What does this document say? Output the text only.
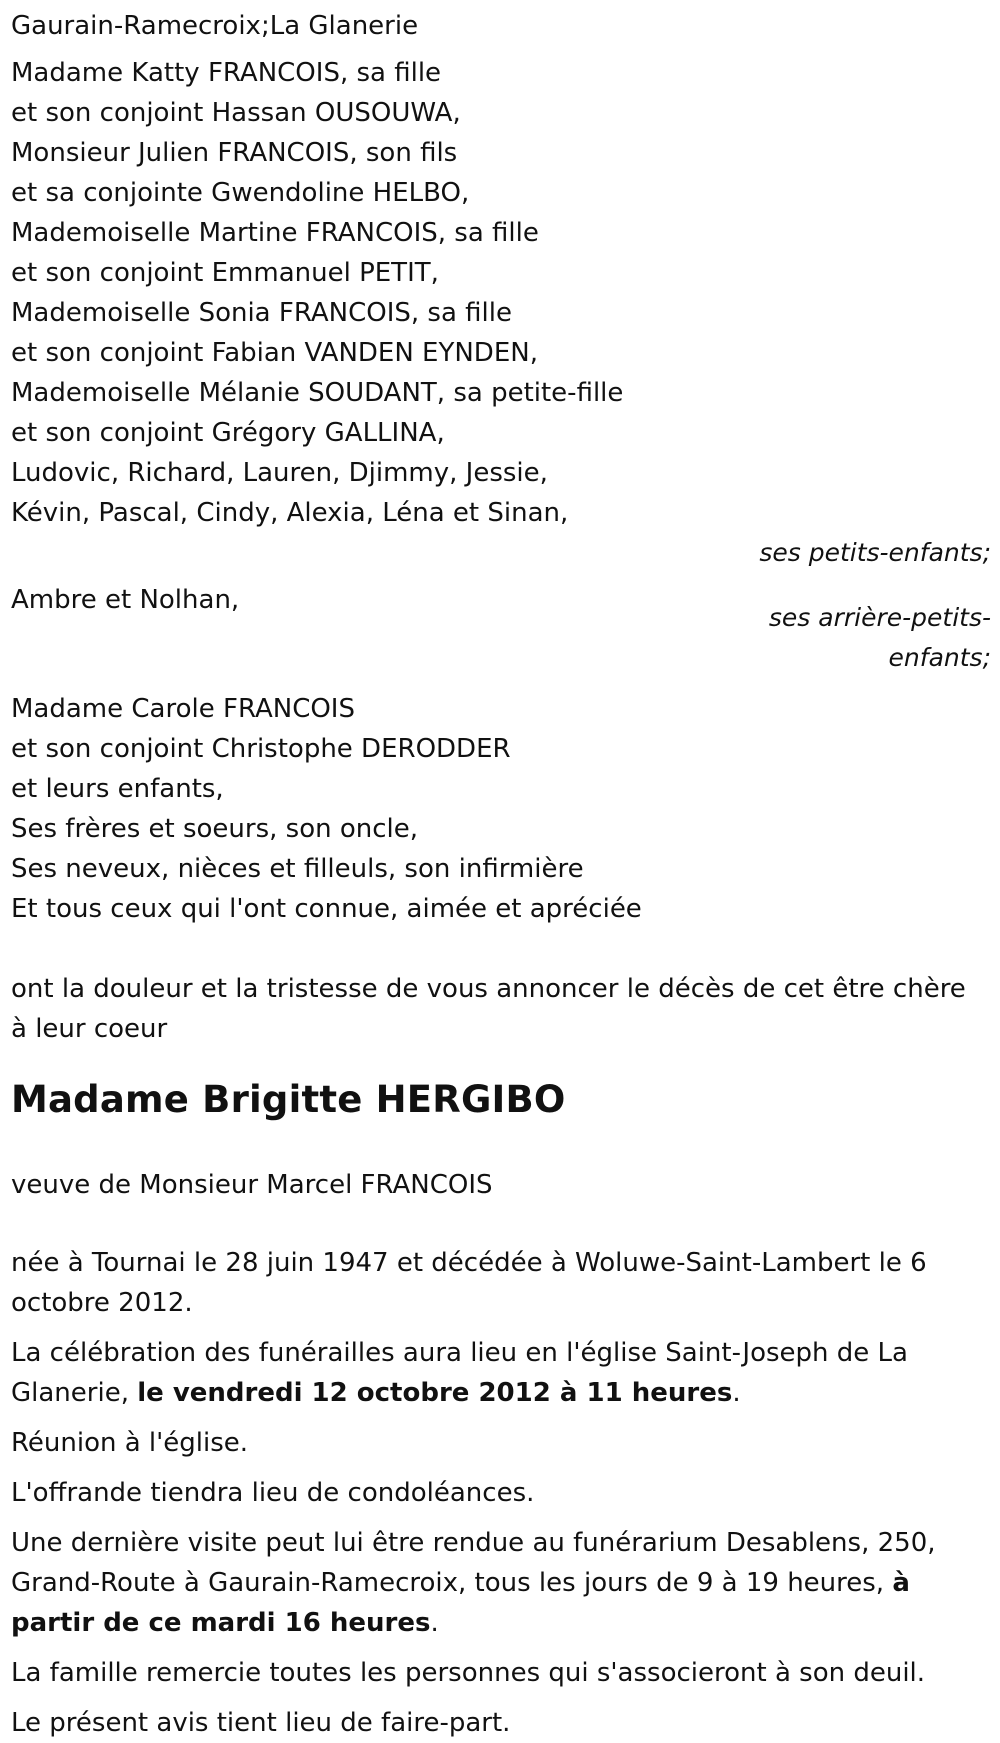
Gaurain-Ramecroix;La Glanerie
Madame Katty FRANCOIS, sa fille
et son conjoint Hassan OUSOUWA,
Monsieur Julien FRANCOIS, son fils
et sa conjointe Gwendoline HELBO,
Mademoiselle Martine FRANCOIS, sa fille
et son conjoint Emmanuel PETIT,
Mademoiselle Sonia FRANCOIS, sa fille
et son conjoint Fabian VANDEN EYNDEN,
Mademoiselle Mélanie SOUDANT, sa petite-fille
et son conjoint Grégory GALLINA,
Ludovic, Richard, Lauren, Djimmy, Jessie,
Kévin, Pascal, Cindy, Alexia, Léna et Sinan,
ses petits-enfants;
Ambre et Nolhan,
ses arrière-petits-
enfants;
Madame Carole FRANCOIS
et son conjoint Christophe DERODDER
et leurs enfants,
Ses frères et soeurs, son oncle,
Ses neveux, nièces et filleuls, son infirmière
Et tous ceux qui l'ont connue, aimée et apréciée
ont la douleur et la tristesse de vous annoncer le décès de cet être chère à leur coeur
Madame Brigitte HERGIBO
veuve de Monsieur Marcel FRANCOIS
née à Tournai le 28 juin 1947 et décédée à Woluwe-Saint-Lambert le 6 octobre 2012.
La célébration des funérailles aura lieu en l'église Saint-Joseph de La Glanerie, le vendredi 12 octobre 2012 à 11 heures.
Réunion à l'église.
L'offrande tiendra lieu de condoléances.
Une dernière visite peut lui être rendue au funérarium Desablens, 250, Grand-Route à Gaurain-Ramecroix, tous les jours de 9 à 19 heures, à partir de ce mardi 16 heures.
La famille remercie toutes les personnes qui s'associeront à son deuil.
Le présent avis tient lieu de faire-part.
